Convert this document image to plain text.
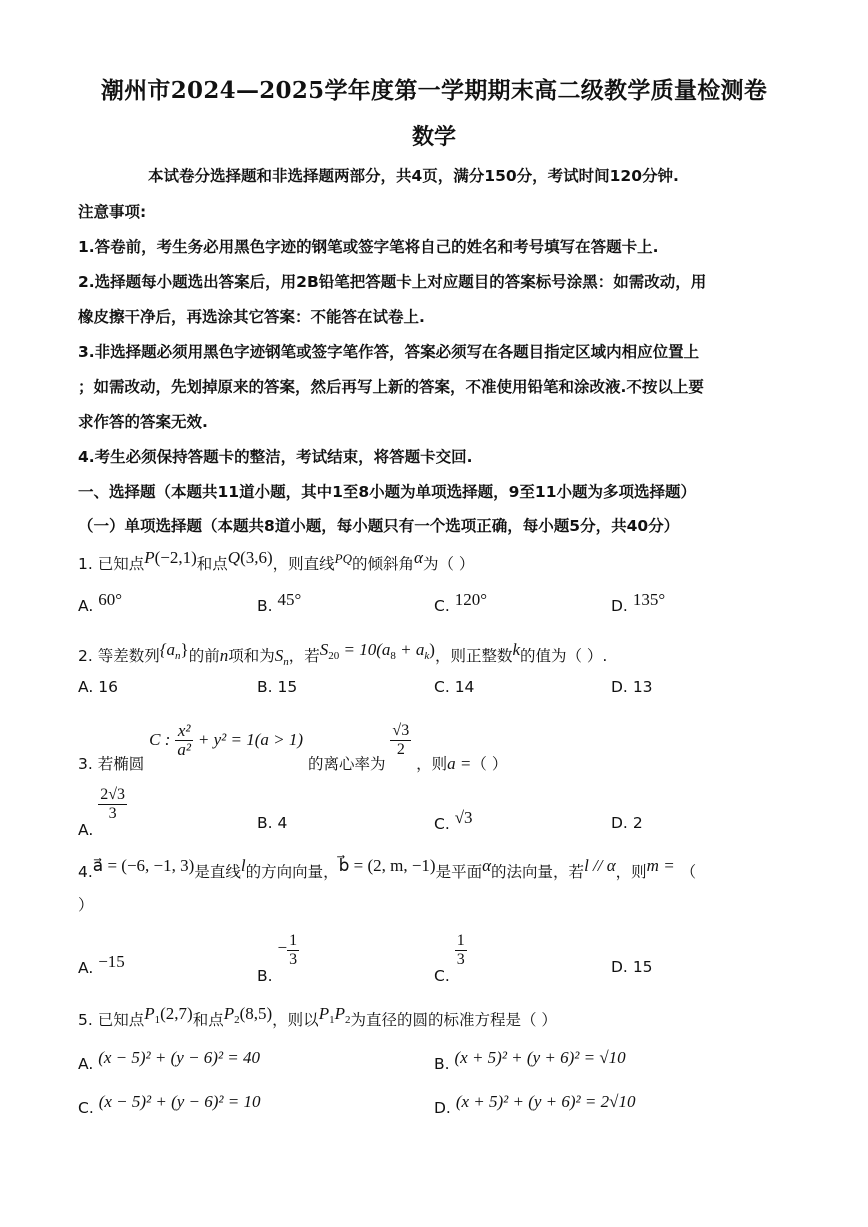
潮州市2024—2025学年度第一学期期末高二级教学质量检测卷
数学
本试卷分选择题和非选择题两部分，共4页，满分150分，考试时间120分钟.
注意事项:
1.答卷前，考生务必用黑色字迹的钢笔或签字笔将自己的姓名和考号填写在答题卡上.
2.选择题每小题选出答案后，用2B铅笔把答题卡上对应题目的答案标号涂黑：如需改动，用
橡皮擦干净后，再选涂其它答案：不能答在试卷上.
3.非选择题必须用黑色字迹钢笔或签字笔作答，答案必须写在各题目指定区域内相应位置上
；如需改动，先划掉原来的答案，然后再写上新的答案，不准使用铅笔和涂改液.不按以上要
求作答的答案无效.
4.考生必须保持答题卡的整洁，考试结束，将答题卡交回.
一、选择题（本题共11道小题，其中1至8小题为单项选择题，9至11小题为多项选择题）
（一）单项选择题（本题共8道小题，每小题只有一个选项正确，每小题5分，共40分）
1. 已知点P(−2,1)和点Q(3,6)，则直线$^{PQ}$的倾斜角α为（ ）
A. 60°	B. 45°	C. 120°	D. 135°
2. 等差数列$\{a_n\}$的前n项和为$S_n$，若$S_{20} = 10(a_8 + a_k)$，则正整数k的值为（ ）.
A. 16	B. 15	C. 14	D. 13
3. 若椭圆 C : $\frac{\text{x²}}{\text{a²}} + y^2 = 1(a > 1)$ 的离心率为
$\frac{√3}{2}$
，则a =（ ）
A.
$\frac{2√3}{3}$	B. 4	C. √3	D. 2
4.a⃗ = (−6, −1, 3)是直线l的方向向量，b⃗ = (2, m, −1)是平面α的法向量，若l // α，则m = （
）
A. −15
B. − $\frac{1}{3}$
C.
$\frac{1}{3}$	D. 15
5. 已知点$P_1(2,7)$和点$P_2(8,5)$，则以$P_1P_2$为直径的圆的标准方程是（ ）
A. (x − 5)² + (y − 6)² = 40	B. (x + 5)² + (y + 6)² = √10
C. (x − 5)² + (y − 6)² = 10	D. (x + 5)² + (y + 6)² = 2√10
